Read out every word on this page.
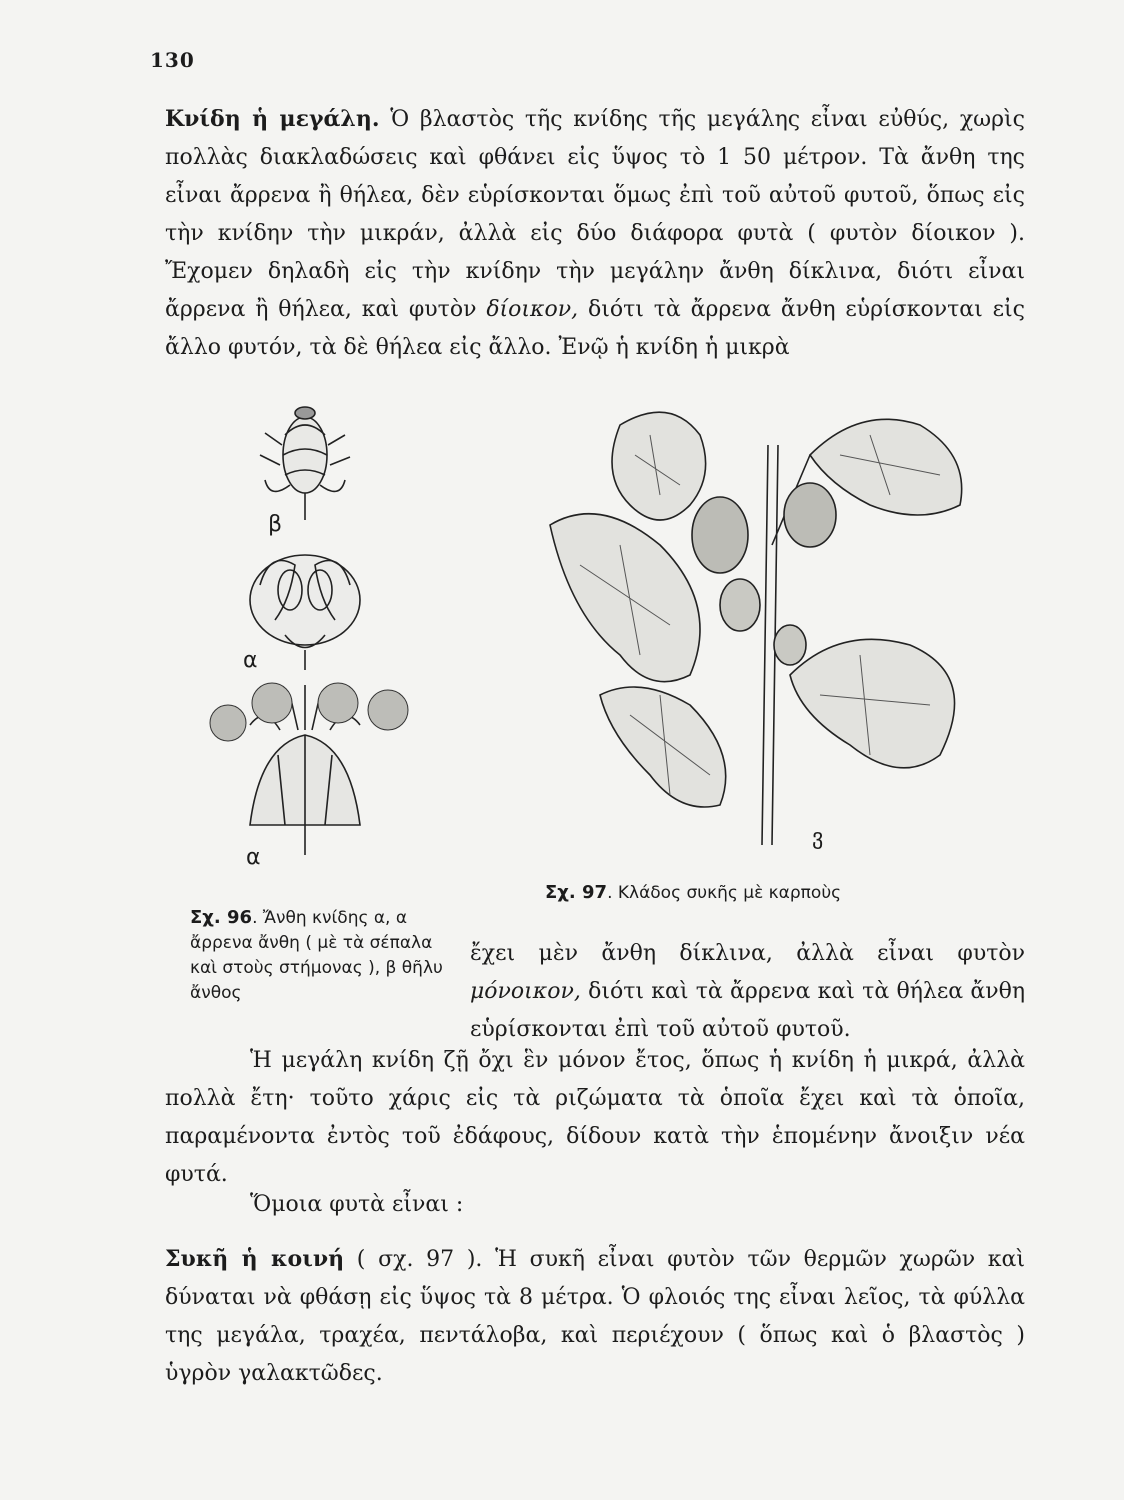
130

Κνίδη ἡ μεγάλη. Ὁ βλαστὸς τῆς κνίδης τῆς μεγάλης εἶναι εὐθύς, χωρὶς πολλὰς διακλαδώσεις καὶ φθάνει εἰς ὕψος τὸ 1 50 μέτρον. Τὰ ἄνθη της εἶναι ἄρρενα ἢ θήλεα, δὲν εὑρίσκονται ὅμως ἐπὶ τοῦ αὐτοῦ φυτοῦ, ὅπως εἰς τὴν κνίδην τὴν μικράν, ἀλλὰ εἰς δύο διάφορα φυτὰ ( φυτὸν δίοικον ). Ἔχομεν δηλαδὴ εἰς τὴν κνίδην τὴν μεγάλην ἄνθη δίκλινα, διότι εἶναι ἄρρενα ἢ θήλεα, καὶ φυτὸν δίοικον, διότι τὰ ἄρρενα ἄνθη εὑρίσκονται εἰς ἄλλο φυτόν, τὰ δὲ θήλεα εἰς ἄλλο. Ἐνῷ ἡ κνίδη ἡ μικρὰ

β
α
α
ვ
Σχ. 97. Κλάδος συκῆς μὲ καρποὺς
Σχ. 96. Ἄνθη κνίδης α, α ἄρρενα ἄνθη ( μὲ τὰ σέπαλα καὶ στοὺς στήμονας ), β θῆλυ ἄνθος

ἔχει μὲν ἄνθη δίκλινα, ἀλλὰ εἶναι φυτὸν μόνοικον, διότι καὶ τὰ ἄρρενα καὶ τὰ θήλεα ἄνθη εὑρίσκονται ἐπὶ τοῦ αὐτοῦ φυτοῦ.

Ἡ μεγάλη κνίδη ζῇ ὄχι ἓν μόνον ἔτος, ὅπως ἡ κνίδη ἡ μικρά, ἀλλὰ πολλὰ ἔτη· τοῦτο χάρις εἰς τὰ ριζώματα τὰ ὁποῖα ἔχει καὶ τὰ ὁποῖα, παραμένοντα ἐντὸς τοῦ ἐδάφους, δίδουν κατὰ τὴν ἑπομένην ἄνοιξιν νέα φυτά.

Ὅμοια φυτὰ εἶναι :

Συκῆ ἡ κοινή ( σχ. 97 ). Ἡ συκῆ εἶναι φυτὸν τῶν θερμῶν χωρῶν καὶ δύναται νὰ φθάσῃ εἰς ὕψος τὰ 8 μέτρα. Ὁ φλοιός της εἶναι λεῖος, τὰ φύλλα της μεγάλα, τραχέα, πεντάλοβα, καὶ περιέχουν ( ὅπως καὶ ὁ βλαστὸς ) ὑγρὸν γαλακτῶδες.
